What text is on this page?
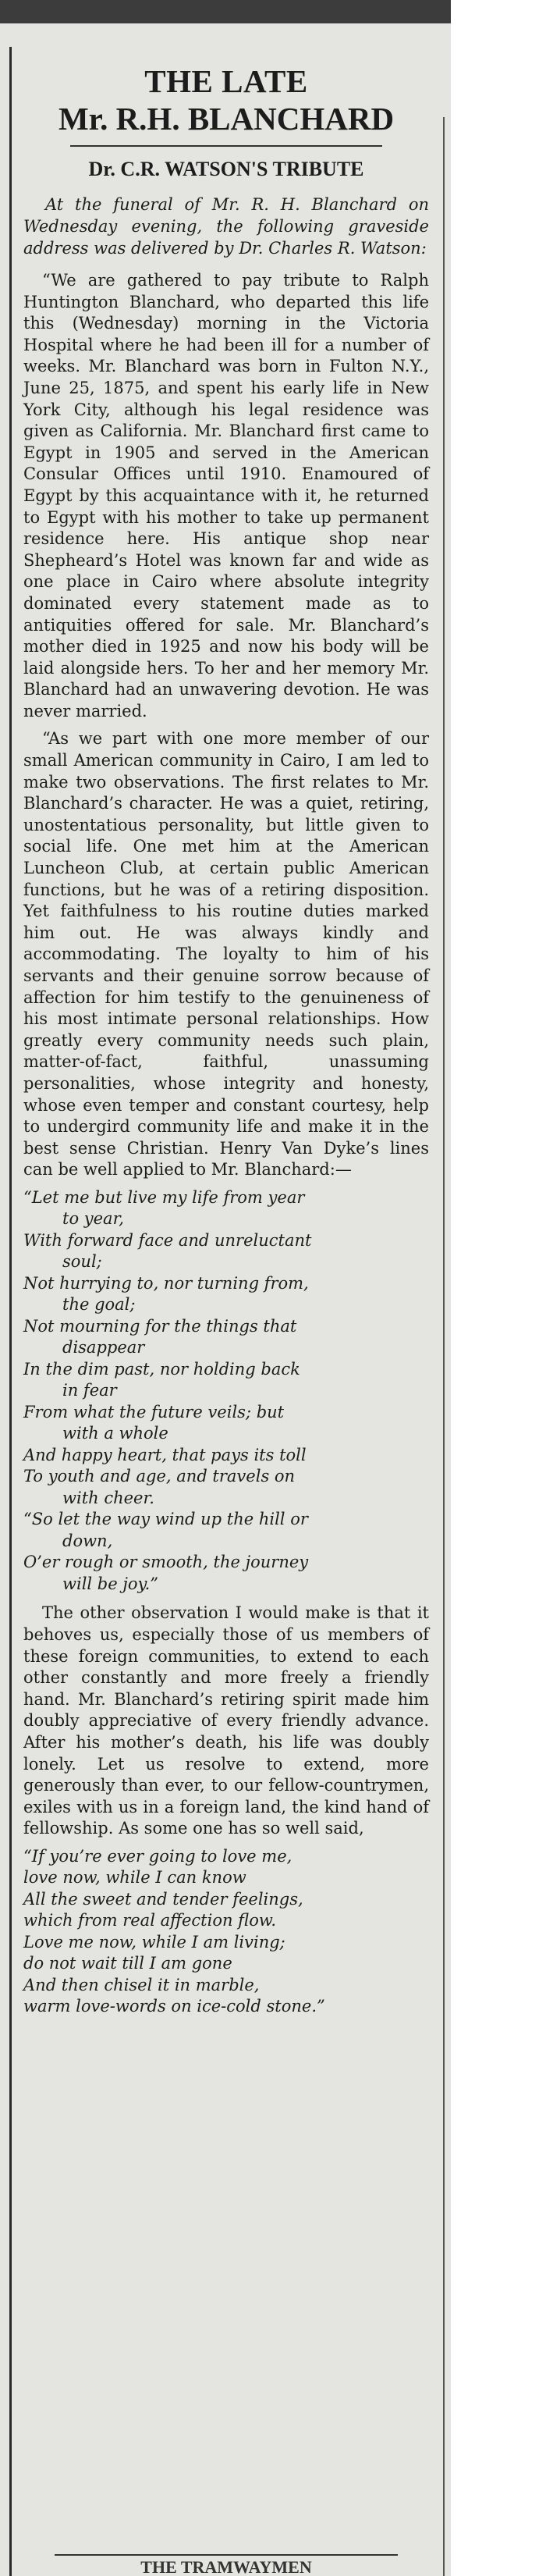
THE LATE
Mr. R.H. BLANCHARD
Dr. C.R. WATSON'S TRIBUTE

At the funeral of Mr. R. H. Blanchard on Wednesday evening, the following graveside address was delivered by Dr. Charles R. Watson:

“We are gathered to pay tribute to Ralph Huntington Blanchard, who departed this life this (Wednesday) morning in the Victoria Hospital where he had been ill for a number of weeks. Mr. Blanchard was born in Fulton N.Y., June 25, 1875, and spent his early life in New York City, although his legal residence was given as California. Mr. Blanchard first came to Egypt in 1905 and served in the American Consular Offices until 1910. Enamoured of Egypt by this acquaintance with it, he returned to Egypt with his mother to take up permanent residence here. His antique shop near Shepheard’s Hotel was known far and wide as one place in Cairo where absolute integrity dominated every statement made as to antiquities offered for sale. Mr. Blanchard’s mother died in 1925 and now his body will be laid alongside hers. To her and her memory Mr. Blanchard had an unwavering devotion. He was never married.

“As we part with one more member of our small American community in Cairo, I am led to make two observations. The first relates to Mr. Blanchard’s character. He was a quiet, retiring, unostentatious personality, but little given to social life. One met him at the American Luncheon Club, at certain public American functions, but he was of a retiring disposition. Yet faithfulness to his routine duties marked him out. He was always kindly and accommodating. The loyalty to him of his servants and their genuine sorrow because of affection for him testify to the genuineness of his most intimate personal relationships. How greatly every community needs such plain, matter-of-fact, faithful, unassuming personalities, whose integrity and honesty, whose even temper and constant courtesy, help to undergird community life and make it in the best sense Christian. Henry Van Dyke’s lines can be well applied to Mr. Blanchard:—

“Let me but live my life from year
to year,
With forward face and unreluctant
soul;
Not hurrying to, nor turning from,
the goal;
Not mourning for the things that
disappear
In the dim past, nor holding back
in fear
From what the future veils; but
with a whole
And happy heart, that pays its toll
To youth and age, and travels on
with cheer.
“So let the way wind up the hill or
down,
O’er rough or smooth, the journey
will be joy.”

The other observation I would make is that it behoves us, especially those of us members of these foreign communities, to extend to each other constantly and more freely a friendly hand. Mr. Blanchard’s retiring spirit made him doubly appreciative of every friendly advance. After his mother’s death, his life was doubly lonely. Let us resolve to extend, more generously than ever, to our fellow-countrymen, exiles with us in a foreign land, the kind hand of fellowship. As some one has so well said,

“If you’re ever going to love me,
love now, while I can know
All the sweet and tender feelings,
which from real affection flow.
Love me now, while I am living;
do not wait till I am gone
And then chisel it in marble,
warm love-words on ice-cold stone.”
THE TRAMWAYMEN
